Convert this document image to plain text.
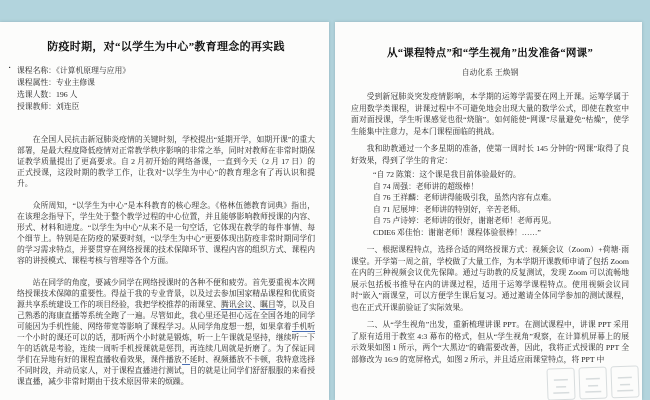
·
防疫时期，对“以学生为中心”教育理念的再实践
课程名称：《计算机原理与应用》
课程属性：专业主修课
选课人数：196 人
授课教师：刘连臣

在全国人民抗击新冠肺炎疫情的关键时刻，学校提出“延期开学，如期开课”的重大部署，是最大程度降低疫情对正常教学秩序影响的非常之举，同时对教师在非常时期保证教学质量提出了更高要求。自 2 月初开始的网络备课，一直到今天（2 月 17 日）的正式授课，这段时期的教学工作，让我对“以学生为中心”的教育理念有了再认识和提升。

众所周知，“以学生为中心”是本科教育的核心理念。《格林伍德教育词典》指出，在该理念指导下，学生处于整个教学过程的中心位置，并且能够影响教师授课的内容、形式、材料和进度。“以学生为中心”从来不是一句空话，它体现在教学的每件事情、每个细节上。特别是在防疫的紧要时刻，“以学生为中心”更要体现出防疫非常时期同学们的学习需求特点，并要贯穿在网络授课的技术保障环节、课程内容的组织方式、课程内容的讲授模式、课程考核与管理等各个方面。

站在同学的角度，要减少同学在网络授课时的各种不便和疲劳。首先要重视本次网络授课技术保障的重要性。得益于我的专业背景，以及过去参加国家精品课程和优质资源共享系统建设工作的项目经验，我把学校推荐的雨课堂、腾讯会议、瞩目等，以及自己熟悉的海康直播等系统全跑了一遍。尽管如此，我心里还是担心远在全国各地的同学可能因为手机性能、网络带宽等影响了课程学习。从同学角度想一想，如果拿着手机听一个小时的课还可以的话，那听两个小时就是锻炼，听一上午课就是坚持，继续听一下午的话就是考验，连续一周听手机授课就是惩罚，再连续几周就是折磨了。为了保证同学们在异地有好的课程直播收看效果，课件播放不延时、视频播放不卡顿，我特意选择不同时段，并动员家人，对于课程直播进行测试，目的就是让同学们舒舒服服的来看授课直播，减少非常时期由于技术原因带来的烦躁。

从“课程特点”和“学生视角”出发准备“网课”
自动化系 王焕钢

受到新冠肺炎突发疫情影响，本学期的运筹学需要在网上开课。运筹学属于应用数学类课程，讲课过程中不可避免地会出现大量的数学公式，即使在教室中面对面授课，学生听课感觉也很“烧脑”。如何能使“网课”尽量避免“枯燥”，使学生能集中注意力，是本门课程面临的挑战。

我和助教通过一个多星期的准备，使第一周时长 145 分钟的“网课”取得了良好效果，得到了学生的肯定：

“自 72 陈策：这个课是我目前体验最好的。
自 74 周强：老师讲的超级棒！
自 76 王祥麟：老师讲得能吸引我，虽然内容有点难。
自 71 尼展坤：老师讲的特别好，辛苦老师。
自 75 卢诗婷：老师讲的很好，谢谢老师！老师再见。
CDIE6 邓佳怡：谢谢老师！课程体验很棒！……”

一、根据课程特点，选择合适的网络授课方式：视频会议（Zoom）+荷塘·雨课堂。开学第一周之前，学校做了大量工作，为本学期开课教师申请了包括 Zoom 在内的三种视频会议优先保障。通过与助教的反复测试，发现 Zoom 可以流畅地展示包括板书推导在内的讲课过程，适用于运筹学课程特点。使用视频会议同时“嵌入”雨课堂，可以方便学生课后复习。通过邀请全体同学参加的测试课程，也在正式开课前验证了实际效果。

二、从“学生视角”出发，重新梳理讲课 PPT。在测试课程中，讲课 PPT 采用了原有适用于教室 4:3 幕布的格式，但从“学生视角”观察，在计算机屏幕上的展示效果如图 1 所示，两个“大黑边”的确需要改善，因此，我将正式授课的 PPT 全部修改为 16:9 的宽屏格式，如图 2 所示，并且适应雨课堂特点，将 PPT 中
